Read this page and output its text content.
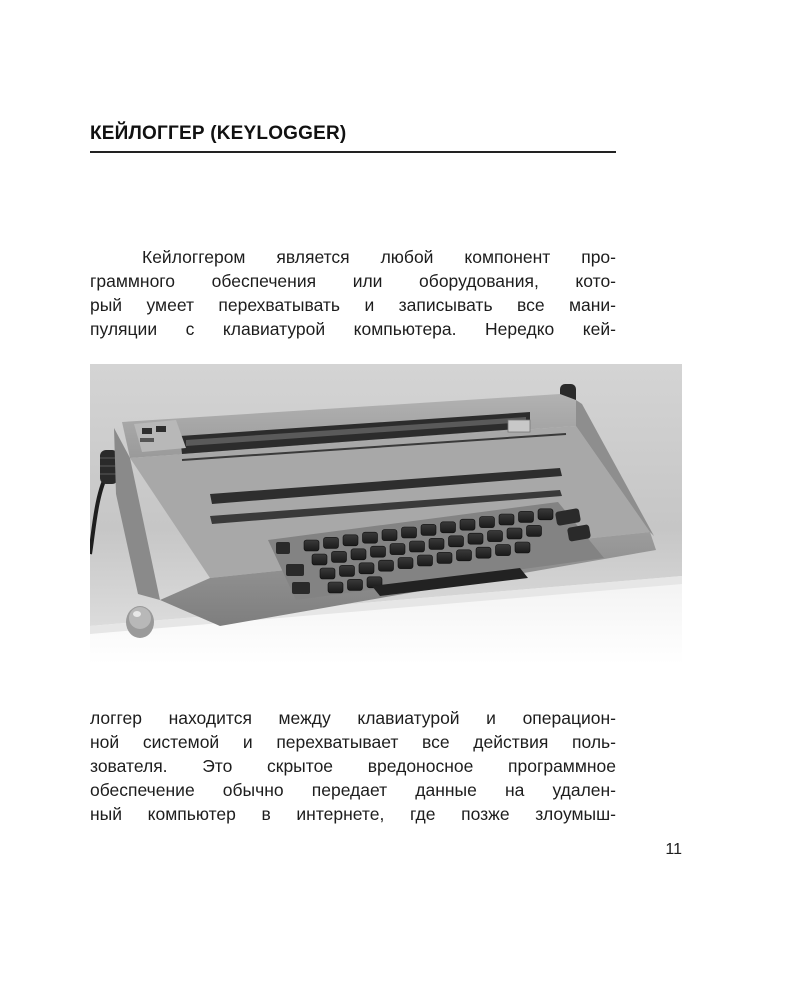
КЕЙЛОГГЕР (KEYLOGGER)

Кейлоггером является любой компонент про-
граммного обеспечения или оборудования, кото-
рый умеет перехватывать и записывать все мани-
пуляции с клавиатурой компьютера. Нередко кей-

логгер находится между клавиатурой и операцион-
ной системой и перехватывает все действия поль-
зователя. Это скрытое вредоносное программное
обеспечение обычно передает данные на удален-
ный компьютер в интернете, где позже злоумыш-

11
